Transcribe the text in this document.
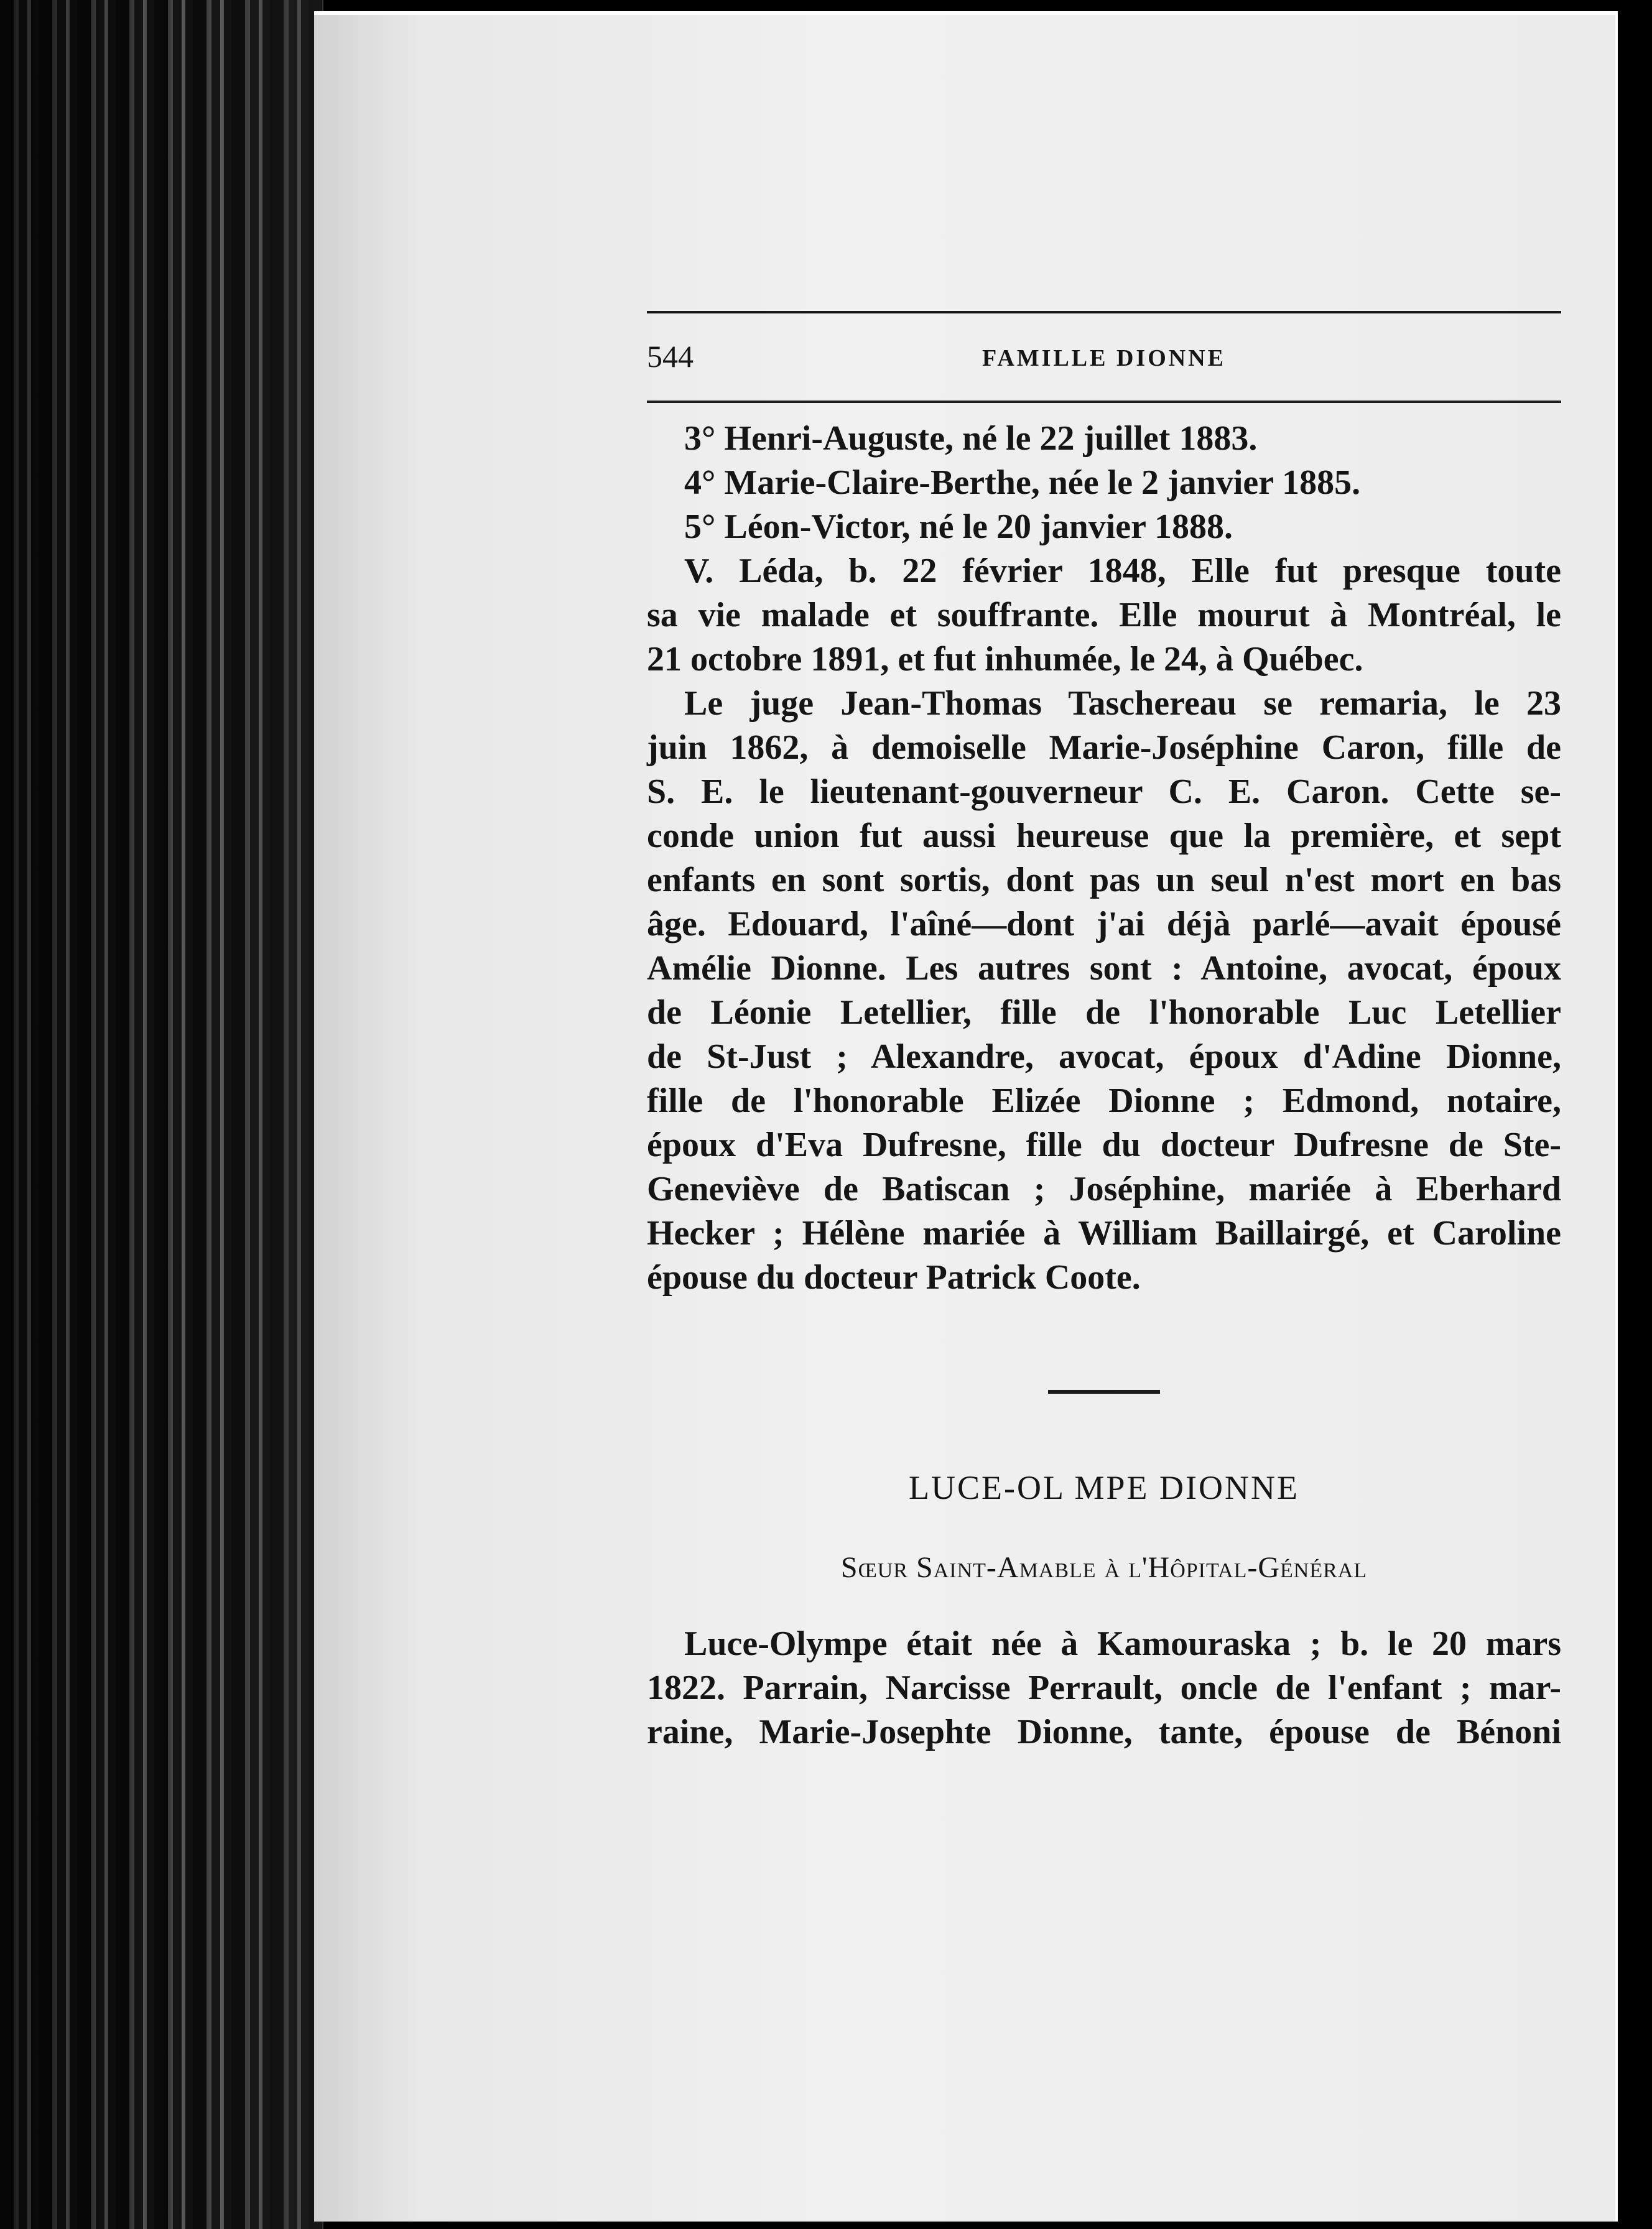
544	FAMILLE DIONNE
3° Henri-Auguste, né le 22 juillet 1883.
4° Marie-Claire-Berthe, née le 2 janvier 1885.
5° Léon-Victor, né le 20 janvier 1888.
V. Léda, b. 22 février 1848, Elle fut presque toute
sa vie malade et souffrante. Elle mourut à Montréal, le
21 octobre 1891, et fut inhumée, le 24, à Québec.
Le juge Jean-Thomas Taschereau se remaria, le 23
juin 1862, à demoiselle Marie-Joséphine Caron, fille de
S. E. le lieutenant-gouverneur C. E. Caron. Cette se-
conde union fut aussi heureuse que la première, et sept
enfants en sont sortis, dont pas un seul n'est mort en bas
âge. Edouard, l'aîné—dont j'ai déjà parlé—avait épousé
Amélie Dionne. Les autres sont : Antoine, avocat, époux
de Léonie Letellier, fille de l'honorable Luc Letellier
de St-Just ; Alexandre, avocat, époux d'Adine Dionne,
fille de l'honorable Elizée Dionne ; Edmond, notaire,
époux d'Eva Dufresne, fille du docteur Dufresne de Ste-
Geneviève de Batiscan ; Joséphine, mariée à Eberhard
Hecker ; Hélène mariée à William Baillairgé, et Caroline
épouse du docteur Patrick Coote.
LUCE-OL MPE DIONNE
Sœur Saint-Amable à l'Hôpital-Général
Luce-Olympe était née à Kamouraska ; b. le 20 mars
1822. Parrain, Narcisse Perrault, oncle de l'enfant ; mar-
raine, Marie-Josephte Dionne, tante, épouse de Bénoni
